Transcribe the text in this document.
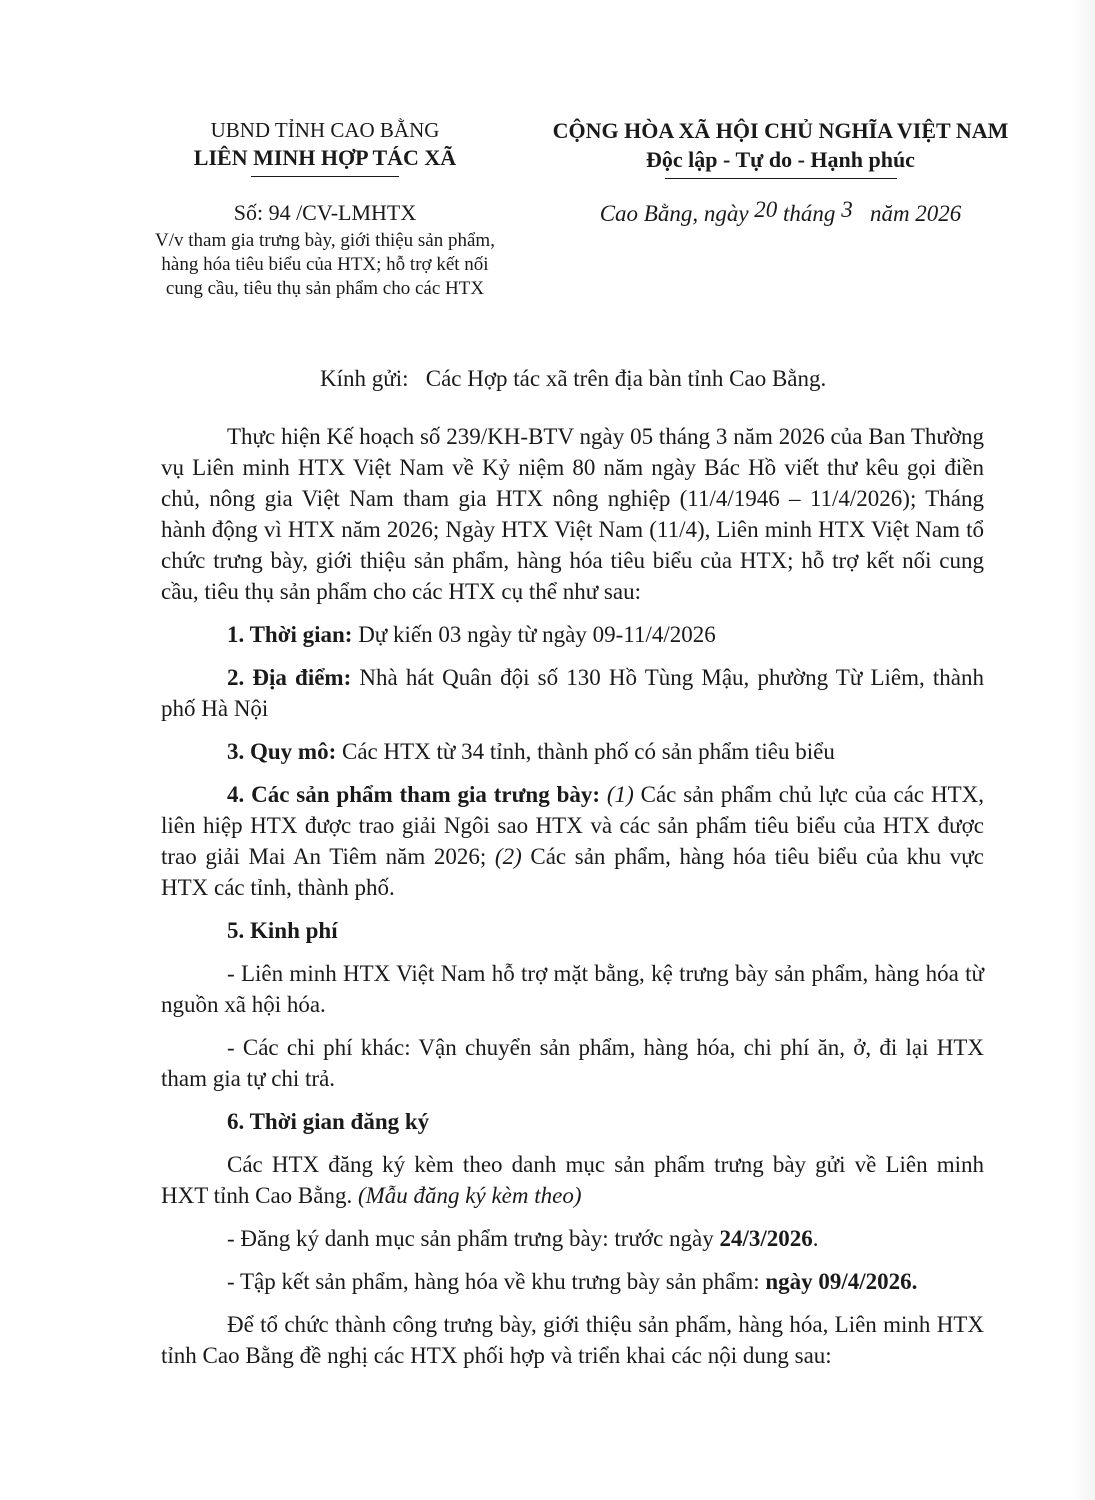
UBND TỈNH CAO BẰNG
LIÊN MINH HỢP TÁC XÃ
Số: 94 /CV-LMHTX
V/v tham gia trưng bày, giới thiệu sản phẩm,
hàng hóa tiêu biểu của HTX; hỗ trợ kết nối
cung cầu, tiêu thụ sản phẩm cho các HTX
CỘNG HÒA XÃ HỘI CHỦ NGHĨA VIỆT NAM
Độc lập - Tự do - Hạnh phúc
Cao Bằng, ngày 20 tháng 3   năm 2026
Kính gửi: Các Hợp tác xã trên địa bàn tỉnh Cao Bằng.

Thực hiện Kế hoạch số 239/KH-BTV ngày 05 tháng 3 năm 2026 của Ban Thường vụ Liên minh HTX Việt Nam về Kỷ niệm 80 năm ngày Bác Hồ viết thư kêu gọi điền chủ, nông gia Việt Nam tham gia HTX nông nghiệp (11/4/1946 – 11/4/2026); Tháng hành động vì HTX năm 2026; Ngày HTX Việt Nam (11/4), Liên minh HTX Việt Nam tổ chức trưng bày, giới thiệu sản phẩm, hàng hóa tiêu biểu của HTX; hỗ trợ kết nối cung cầu, tiêu thụ sản phẩm cho các HTX cụ thể như sau:

1. Thời gian: Dự kiến 03 ngày từ ngày 09-11/4/2026

2. Địa điểm: Nhà hát Quân đội số 130 Hồ Tùng Mậu, phường Từ Liêm, thành phố Hà Nội

3. Quy mô: Các HTX từ 34 tỉnh, thành phố có sản phẩm tiêu biểu

4. Các sản phẩm tham gia trưng bày: (1) Các sản phẩm chủ lực của các HTX, liên hiệp HTX được trao giải Ngôi sao HTX và các sản phẩm tiêu biểu của HTX được trao giải Mai An Tiêm năm 2026; (2) Các sản phẩm, hàng hóa tiêu biểu của khu vực HTX các tỉnh, thành phố.

5. Kinh phí

- Liên minh HTX Việt Nam hỗ trợ mặt bằng, kệ trưng bày sản phẩm, hàng hóa từ nguồn xã hội hóa.

- Các chi phí khác: Vận chuyển sản phẩm, hàng hóa, chi phí ăn, ở, đi lại HTX tham gia tự chi trả.

6. Thời gian đăng ký

Các HTX đăng ký kèm theo danh mục sản phẩm trưng bày gửi về Liên minh HXT tỉnh Cao Bằng. (Mẫu đăng ký kèm theo)

- Đăng ký danh mục sản phẩm trưng bày: trước ngày 24/3/2026.

- Tập kết sản phẩm, hàng hóa về khu trưng bày sản phẩm: ngày 09/4/2026.

Để tổ chức thành công trưng bày, giới thiệu sản phẩm, hàng hóa, Liên minh HTX tỉnh Cao Bằng đề nghị các HTX phối hợp và triển khai các nội dung sau:
